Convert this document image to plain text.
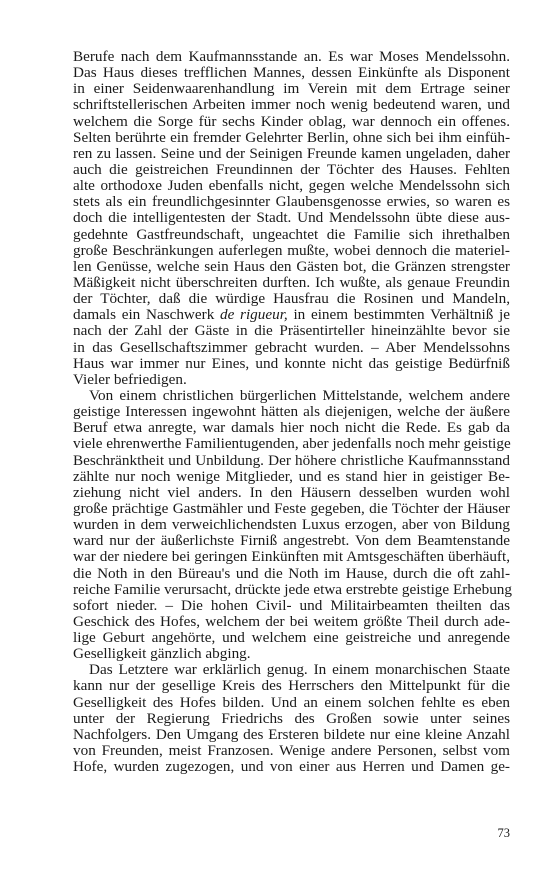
Berufe nach dem Kaufmannsstande an. Es war Moses Mendelssohn.
Das Haus dieses trefflichen Mannes, dessen Einkünfte als Disponent
in einer Seidenwaarenhandlung im Verein mit dem Ertrage seiner
schriftstellerischen Arbeiten immer noch wenig bedeutend waren, und
welchem die Sorge für sechs Kinder oblag, war dennoch ein offenes.
Selten berührte ein fremder Gelehrter Berlin, ohne sich bei ihm einfüh-
ren zu lassen. Seine und der Seinigen Freunde kamen ungeladen, daher
auch die geistreichen Freundinnen der Töchter des Hauses. Fehlten
alte orthodoxe Juden ebenfalls nicht, gegen welche Mendelssohn sich
stets als ein freundlichgesinnter Glaubensgenosse erwies, so waren es
doch die intelligentesten der Stadt. Und Mendelssohn übte diese aus-
gedehnte Gastfreundschaft, ungeachtet die Familie sich ihrethalben
große Beschränkungen auferlegen mußte, wobei dennoch die materiel-
len Genüsse, welche sein Haus den Gästen bot, die Gränzen strengster
Mäßigkeit nicht überschreiten durften. Ich wußte, als genaue Freundin
der Töchter, daß die würdige Hausfrau die Rosinen und Mandeln,
damals ein Naschwerk de rigueur, in einem bestimmten Verhältniß je
nach der Zahl der Gäste in die Präsentirteller hineinzählte bevor sie
in das Gesellschaftszimmer gebracht wurden. – Aber Mendelssohns
Haus war immer nur Eines, und konnte nicht das geistige Bedürfniß
Vieler befriedigen.
Von einem christlichen bürgerlichen Mittelstande, welchem andere
geistige Interessen ingewohnt hätten als diejenigen, welche der äußere
Beruf etwa anregte, war damals hier noch nicht die Rede. Es gab da
viele ehrenwerthe Familientugenden, aber jedenfalls noch mehr geistige
Beschränktheit und Unbildung. Der höhere christliche Kaufmannsstand
zählte nur noch wenige Mitglieder, und es stand hier in geistiger Be-
ziehung nicht viel anders. In den Häusern desselben wurden wohl
große prächtige Gastmähler und Feste gegeben, die Töchter der Häuser
wurden in dem verweichlichendsten Luxus erzogen, aber von Bildung
ward nur der äußerlichste Firniß angestrebt. Von dem Beamtenstande
war der niedere bei geringen Einkünften mit Amtsgeschäften überhäuft,
die Noth in den Büreau's und die Noth im Hause, durch die oft zahl-
reiche Familie verursacht, drückte jede etwa erstrebte geistige Erhebung
sofort nieder. – Die hohen Civil- und Militairbeamten theilten das
Geschick des Hofes, welchem der bei weitem größte Theil durch ade-
lige Geburt angehörte, und welchem eine geistreiche und anregende
Geselligkeit gänzlich abging.
Das Letztere war erklärlich genug. In einem monarchischen Staate
kann nur der gesellige Kreis des Herrschers den Mittelpunkt für die
Geselligkeit des Hofes bilden. Und an einem solchen fehlte es eben
unter der Regierung Friedrichs des Großen sowie unter seines
Nachfolgers. Den Umgang des Ersteren bildete nur eine kleine Anzahl
von Freunden, meist Franzosen. Wenige andere Personen, selbst vom
Hofe, wurden zugezogen, und von einer aus Herren und Damen ge-
73
